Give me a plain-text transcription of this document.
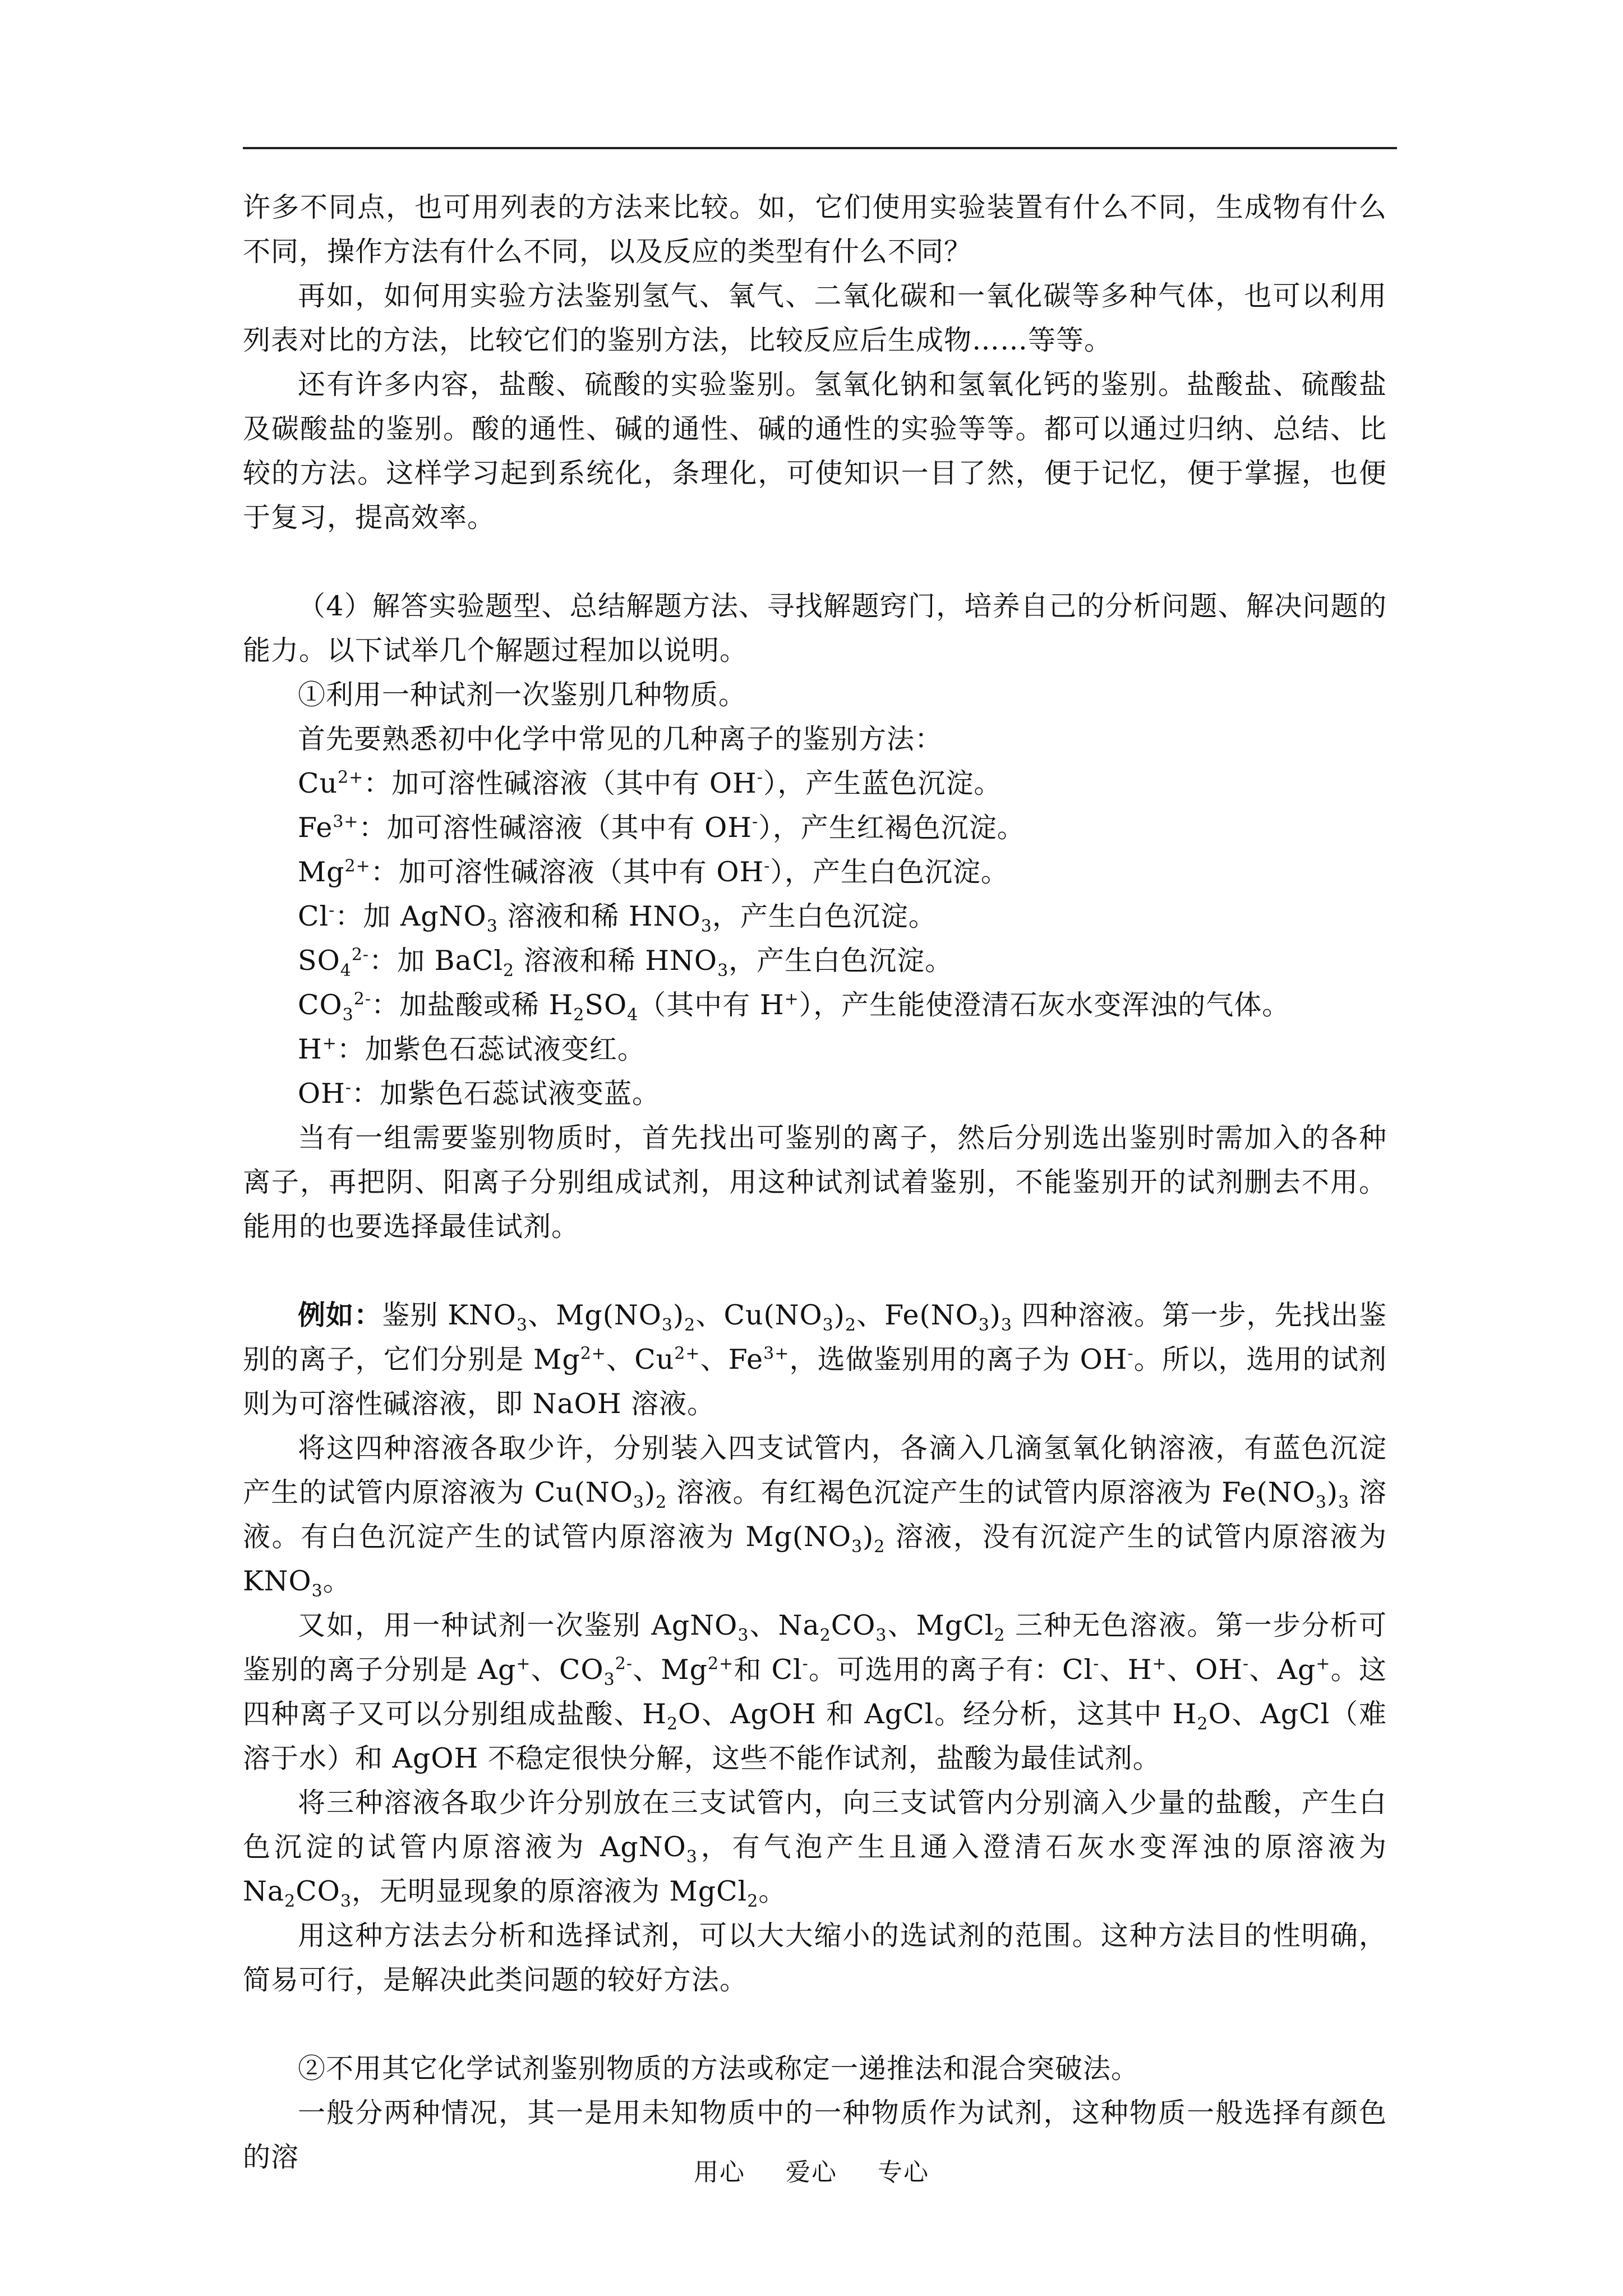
许多不同点，也可用列表的方法来比较。如，它们使用实验装置有什么不同，生成物有什么不同，操作方法有什么不同，以及反应的类型有什么不同？

再如，如何用实验方法鉴别氢气、氧气、二氧化碳和一氧化碳等多种气体，也可以利用列表对比的方法，比较它们的鉴别方法，比较反应后生成物……等等。

还有许多内容，盐酸、硫酸的实验鉴别。氢氧化钠和氢氧化钙的鉴别。盐酸盐、硫酸盐及碳酸盐的鉴别。酸的通性、碱的通性、碱的通性的实验等等。都可以通过归纳、总结、比较的方法。这样学习起到系统化，条理化，可使知识一目了然，便于记忆，便于掌握，也便于复习，提高效率。

（4）解答实验题型、总结解题方法、寻找解题窍门，培养自己的分析问题、解决问题的能力。以下试举几个解题过程加以说明。

①利用一种试剂一次鉴别几种物质。

首先要熟悉初中化学中常见的几种离子的鉴别方法：

$Cu^{2+}$：加可溶性碱溶液（其中有 OH-），产生蓝色沉淀。

$Fe^{3+}$：加可溶性碱溶液（其中有 OH-），产生红褐色沉淀。

$Mg^{2+}$：加可溶性碱溶液（其中有 OH-），产生白色沉淀。

Cl-：加 AgNO$_3$ 溶液和稀 $HNO_3$，产生白色沉淀。

$SO_4^{2-}$：加 BaCl$_2$ 溶液和稀 $HNO_3$，产生白色沉淀。

$CO_3^{2-}$：加盐酸或稀 $H_2SO_4$（其中有 H+），产生能使澄清石灰水变浑浊的气体。

H+：加紫色石蕊试液变红。

OH-：加紫色石蕊试液变蓝。

当有一组需要鉴别物质时，首先找出可鉴别的离子，然后分别选出鉴别时需加入的各种离子，再把阴、阳离子分别组成试剂，用这种试剂试着鉴别，不能鉴别开的试剂删去不用。能用的也要选择最佳试剂。

例如：鉴别 $KNO_3$、$Mg(NO_3)_2$、$Cu(NO_3)_2$、$Fe(NO_3)_3$ 四种溶液。第一步，先找出鉴别的离子，它们分别是 $Mg^{2+}$、$Cu^{2+}$、$Fe^{3+}$，选做鉴别用的离子为 OH-。所以，选用的试剂则为可溶性碱溶液，即 NaOH 溶液。

将这四种溶液各取少许，分别装入四支试管内，各滴入几滴氢氧化钠溶液，有蓝色沉淀产生的试管内原溶液为 $Cu(NO_3)_2$ 溶液。有红褐色沉淀产生的试管内原溶液为 $Fe(NO_3)_3$ 溶液。有白色沉淀产生的试管内原溶液为 $Mg(NO_3)_2$ 溶液，没有沉淀产生的试管内原溶液为 $KNO_3$。

又如，用一种试剂一次鉴别 AgNO$_3$、$Na_2CO_3$、MgCl$_2$ 三种无色溶液。第一步分析可鉴别的离子分别是 Ag+、$CO_3^{2-}$、$Mg^{2+}$和 Cl-。可选用的离子有：Cl-、H+、OH-、Ag+。这四种离子又可以分别组成盐酸、$H_2O$、AgOH 和 AgCl。经分析，这其中 $H_2O$、AgCl（难溶于水）和 AgOH 不稳定很快分解，这些不能作试剂，盐酸为最佳试剂。

将三种溶液各取少许分别放在三支试管内，向三支试管内分别滴入少量的盐酸，产生白色沉淀的试管内原溶液为 AgNO$_3$，有气泡产生且通入澄清石灰水变浑浊的原溶液为 $Na_2CO_3$，无明显现象的原溶液为 MgCl$_2$。

用这种方法去分析和选择试剂，可以大大缩小的选试剂的范围。这种方法目的性明确，简易可行，是解决此类问题的较好方法。

②不用其它化学试剂鉴别物质的方法或称定一递推法和混合突破法。

一般分两种情况，其一是用未知物质中的一种物质作为试剂，这种物质一般选择有颜色的溶	用心 爱心 专心
